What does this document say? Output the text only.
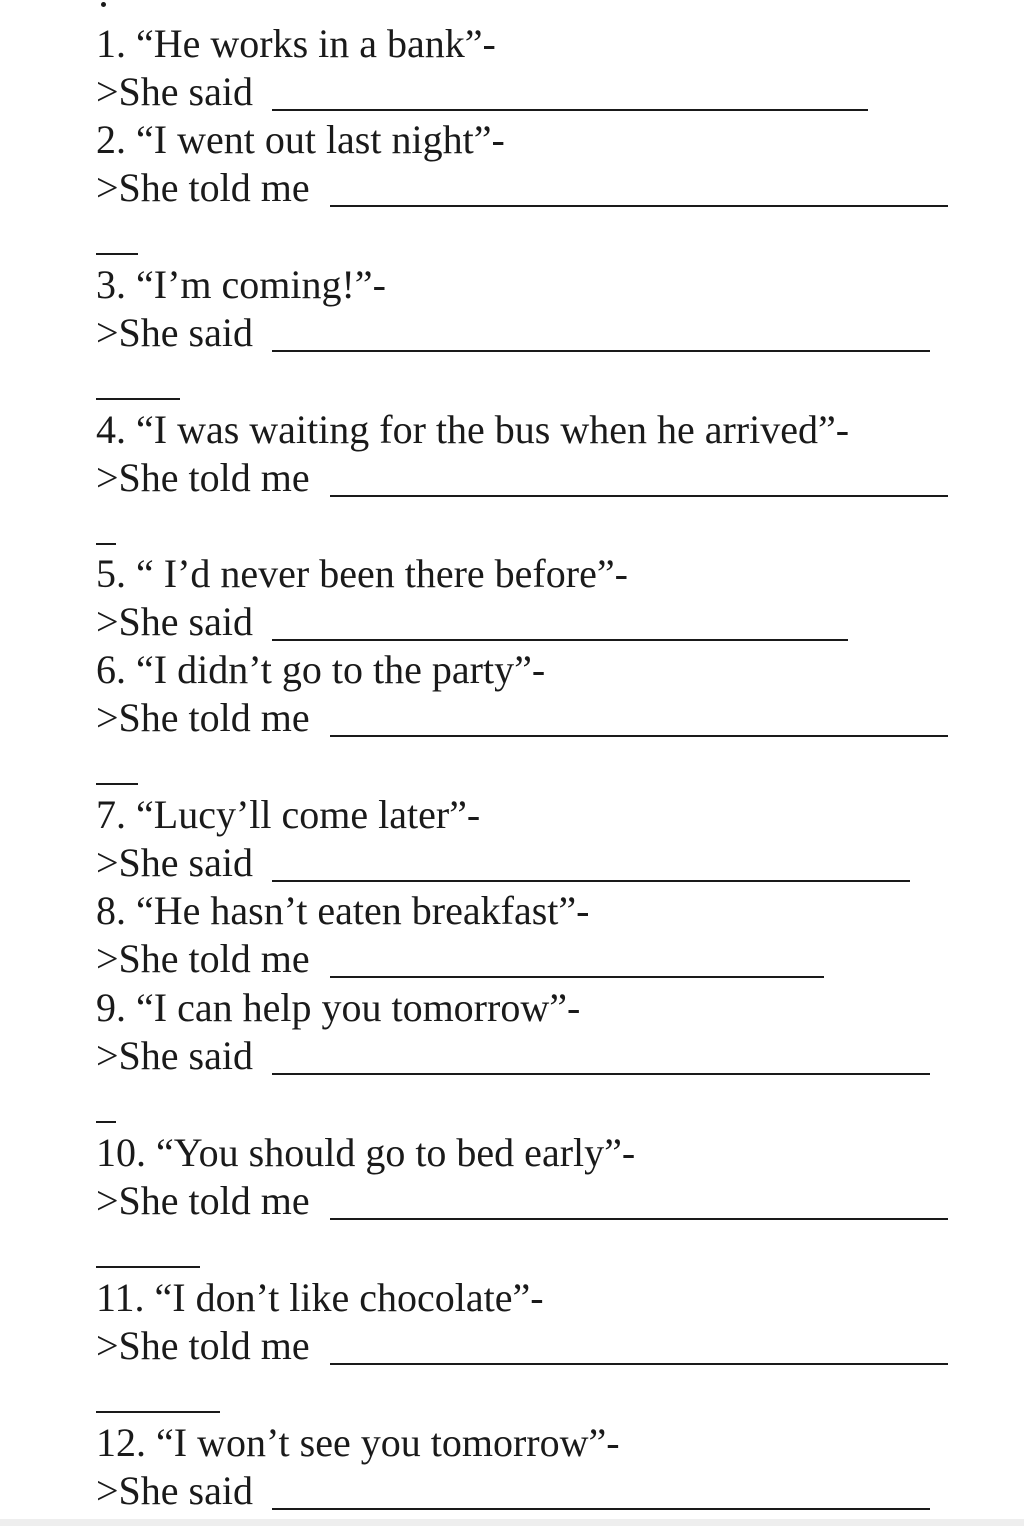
1. “He works in a bank”-
>She said
2. “I went out last night”-
>She told me
3. “I’m coming!”-
>She said
4. “I was waiting for the bus when he arrived”-
>She told me
5. “ I’d never been there before”-
>She said
6. “I didn’t go to the party”-
>She told me
7. “Lucy’ll come later”-
>She said
8. “He hasn’t eaten breakfast”-
>She told me
9. “I can help you tomorrow”-
>She said
10. “You should go to bed early”-
>She told me
11. “I don’t like chocolate”-
>She told me
12. “I won’t see you tomorrow”-
>She said
